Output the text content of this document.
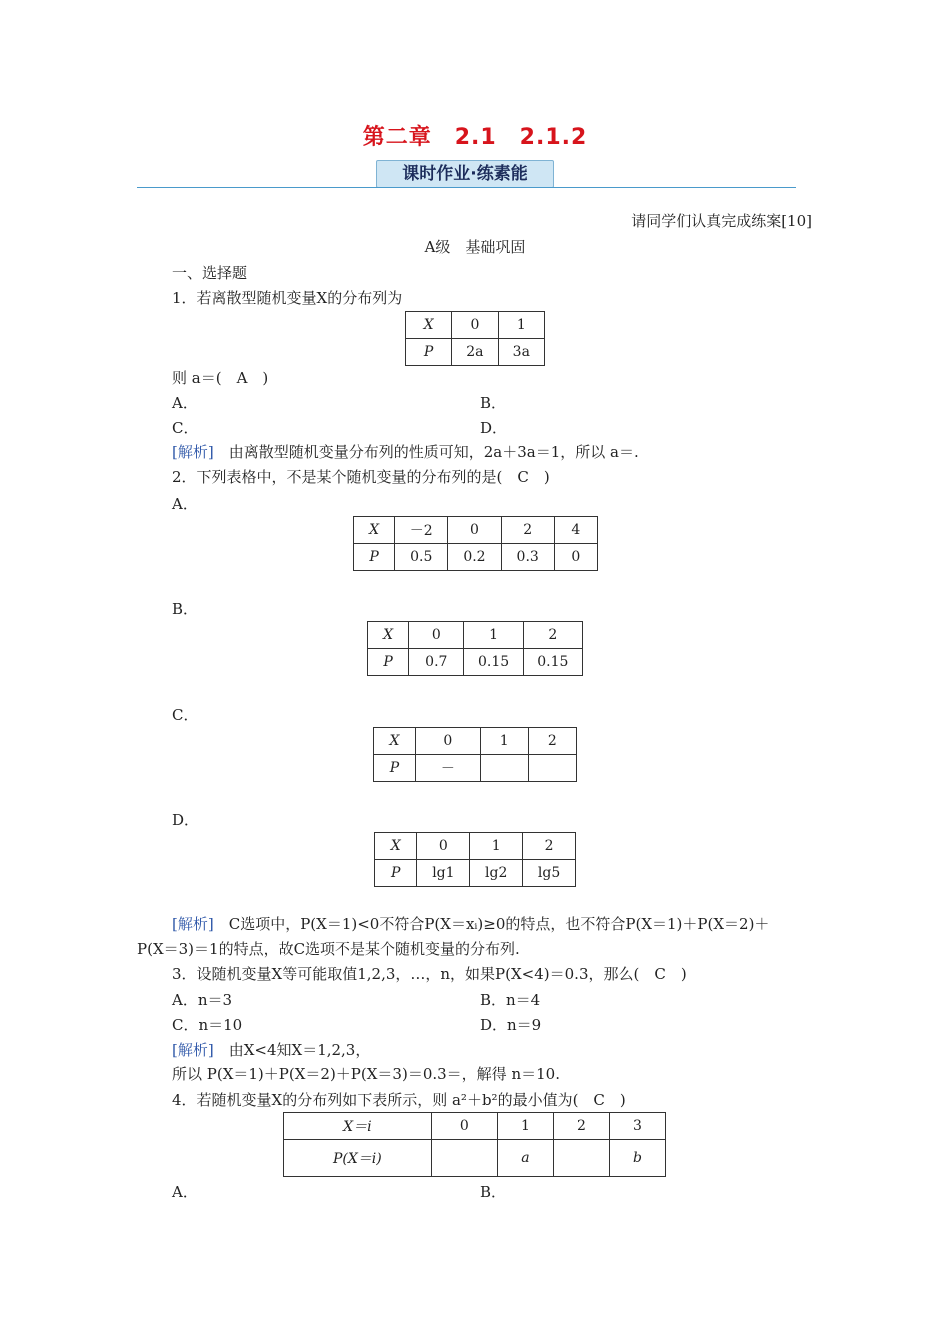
第二章　2.1　2.1.2
课时作业·练素能
请同学们认真完成练案[10]
A级　基础巩固
一、选择题
1．若离散型随机变量X的分布列为
X	0	1
P	2a	3a
则 a＝(　A　)
A．	B．
C．	D．
[解析]　由离散型随机变量分布列的性质可知，2a＋3a＝1，所以 a＝.
2．下列表格中，不是某个随机变量的分布列的是(　C　)
A．
X	－2	0	2	4
P	0.5	0.2	0.3	0
B．
X	0	1	2
P	0.7	0.15	0.15
C．
X	0	1	2
P	－		
D．
X	0	1	2
P	lg1	lg2	lg5
[解析]　C选项中，P(X＝1)<0不符合P(X＝xᵢ)≥0的特点，也不符合P(X＝1)＋P(X＝2)＋
P(X＝3)＝1的特点，故C选项不是某个随机变量的分布列.
3．设随机变量X等可能取值1,2,3，…，n，如果P(X<4)＝0.3，那么(　C　)
A．n＝3	B．n＝4
C．n＝10	D．n＝9
[解析]　由X<4知X＝1,2,3，
所以 P(X＝1)＋P(X＝2)＋P(X＝3)＝0.3＝，解得 n＝10.
4．若随机变量X的分布列如下表所示，则 a²＋b²的最小值为(　C　)
X＝i	0	1	2	3
P(X＝i)		a		b
A．	B．
